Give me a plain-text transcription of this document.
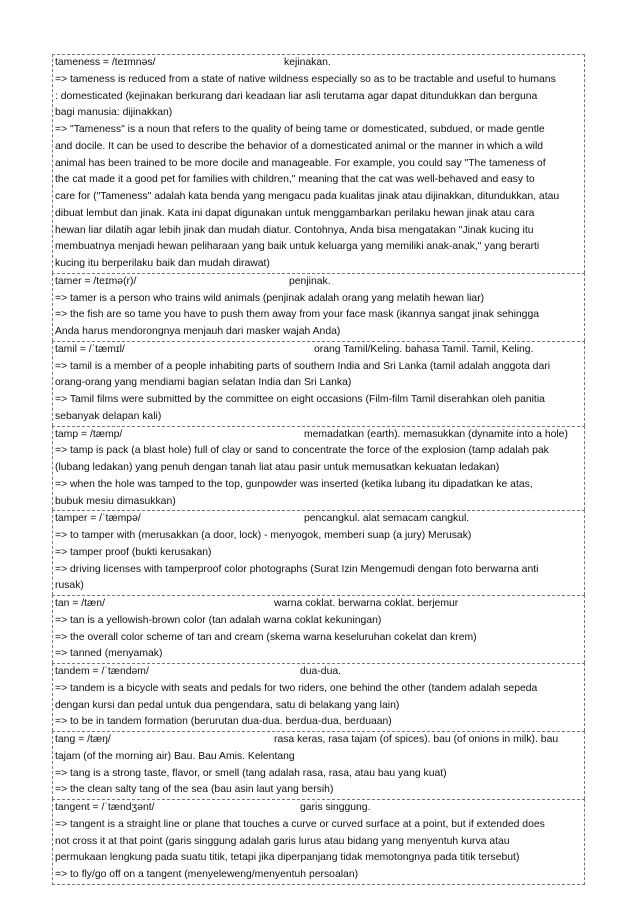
tameness = /teɪmnəs/	kejinakan.
=> tameness is reduced from a state of native wildness especially so as to be tractable and useful to humans
: domesticated (kejinakan berkurang dari keadaan liar asli terutama agar dapat ditundukkan dan berguna
bagi manusia: dijinakkan)
=> "Tameness" is a noun that refers to the quality of being tame or domesticated, subdued, or made gentle
and docile. It can be used to describe the behavior of a domesticated animal or the manner in which a wild
animal has been trained to be more docile and manageable. For example, you could say "The tameness of
the cat made it a good pet for families with children," meaning that the cat was well-behaved and easy to
care for ("Tameness" adalah kata benda yang mengacu pada kualitas jinak atau dijinakkan, ditundukkan, atau
dibuat lembut dan jinak. Kata ini dapat digunakan untuk menggambarkan perilaku hewan jinak atau cara
hewan liar dilatih agar lebih jinak dan mudah diatur. Contohnya, Anda bisa mengatakan "Jinak kucing itu
membuatnya menjadi hewan peliharaan yang baik untuk keluarga yang memiliki anak-anak," yang berarti
kucing itu berperilaku baik dan mudah dirawat)
tamer = /teɪmə(r)/	penjinak.
=> tamer is a person who trains wild animals (penjinak adalah orang yang melatih hewan liar)
=> the fish are so tame you have to push them away from your face mask (ikannya sangat jinak sehingga
Anda harus mendorongnya menjauh dari masker wajah Anda)
tamil = /ˈtæmɪl/	orang Tamil/Keling. bahasa Tamil. Tamil, Keling.
=> tamil is a member of a people inhabiting parts of southern India and Sri Lanka (tamil adalah anggota dari
orang-orang yang mendiami bagian selatan India dan Sri Lanka)
=> Tamil films were submitted by the committee on eight occasions (Film-film Tamil diserahkan oleh panitia
sebanyak delapan kali)
tamp = /tæmp/	memadatkan (earth). memasukkan (dynamite into a hole)
=> tamp is pack (a blast hole) full of clay or sand to concentrate the force of the explosion (tamp adalah pak
(lubang ledakan) yang penuh dengan tanah liat atau pasir untuk memusatkan kekuatan ledakan)
=> when the hole was tamped to the top, gunpowder was inserted (ketika lubang itu dipadatkan ke atas,
bubuk mesiu dimasukkan)
tamper = /ˈtæmpə/	pencangkul. alat semacam cangkul.
=> to tamper with (merusakkan (a door, lock) - menyogok, memberi suap (a jury) Merusak)
=> tamper proof (bukti kerusakan)
=> driving licenses with tamperproof color photographs (Surat Izin Mengemudi dengan foto berwarna anti
rusak)
tan = /tæn/	warna coklat. berwarna coklat. berjemur
=> tan is a yellowish-brown color (tan adalah warna coklat kekuningan)
=> the overall color scheme of tan and cream (skema warna keseluruhan cokelat dan krem)
=> tanned (menyamak)
tandem = /ˈtændəm/	dua-dua.
=> tandem is a bicycle with seats and pedals for two riders, one behind the other (tandem adalah sepeda
dengan kursi dan pedal untuk dua pengendara, satu di belakang yang lain)
=> to be in tandem formation (berurutan dua-dua. berdua-dua, berduaan)
tang = /tæŋ/	rasa keras, rasa tajam (of spices). bau (of onions in milk). bau
tajam (of the morning air) Bau. Bau Amis. Kelentang
=> tang is a strong taste, flavor, or smell (tang adalah rasa, rasa, atau bau yang kuat)
=> the clean salty tang of the sea (bau asin laut yang bersih)
tangent = /ˈtændʒənt/	garis singgung.
=> tangent is a straight line or plane that touches a curve or curved surface at a point, but if extended does
not cross it at that point (garis singgung adalah garis lurus atau bidang yang menyentuh kurva atau
permukaan lengkung pada suatu titik, tetapi jika diperpanjang tidak memotongnya pada titik tersebut)
=> to fly/go off on a tangent (menyeleweng/menyentuh persoalan)
